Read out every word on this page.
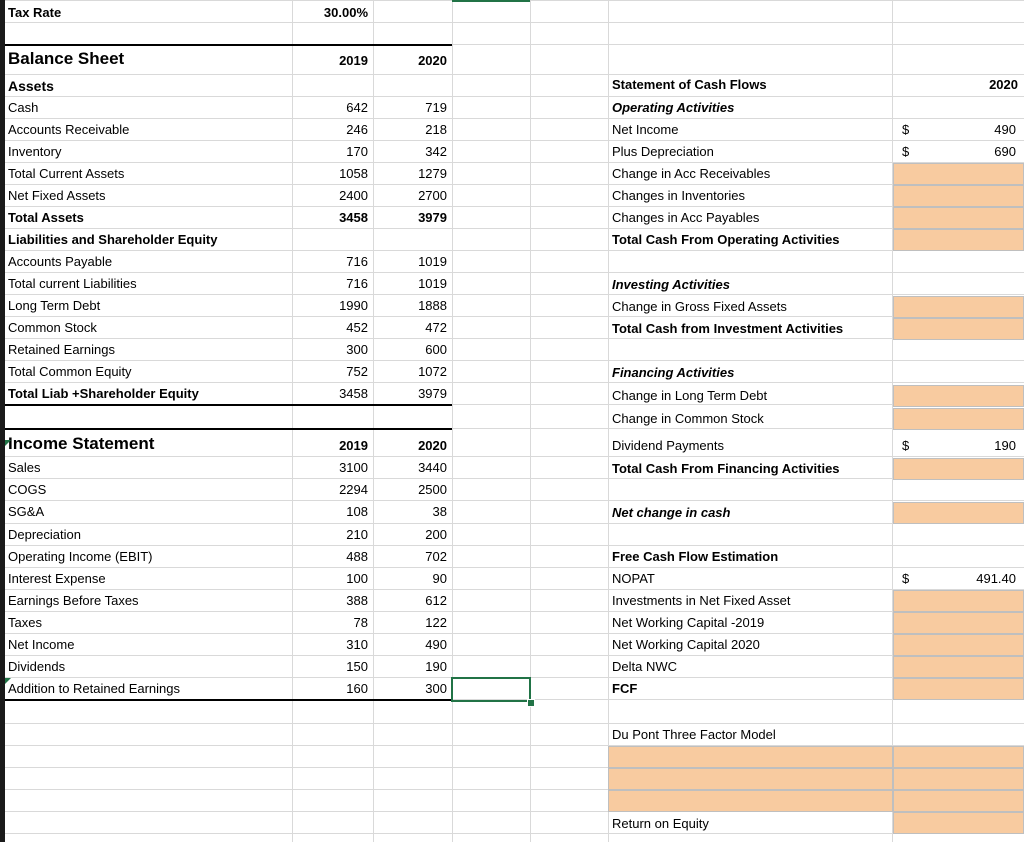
Tax Rate	30.00%
Balance Sheet	2019	2020
Assets
Cash	642	719
Accounts Receivable	246	218
Inventory	170	342
Total Current Assets	1058	1279
Net Fixed Assets	2400	2700
Total Assets	3458	3979
Liabilities and Shareholder Equity
Accounts Payable	716	1019
Total current Liabilities	716	1019
Long Term Debt	1990	1888
Common Stock	452	472
Retained Earnings	300	600
Total Common Equity	752	1072
Total Liab +Shareholder Equity	3458	3979
Income Statement	2019	2020
Sales	3100	3440
COGS	2294	2500
SG&A	108	38
Depreciation	210	200
Operating Income (EBIT)	488	702
Interest Expense	100	90
Earnings Before Taxes	388	612
Taxes	78	122
Net Income	310	490
Dividends	150	190
Addition to Retained Earnings	160	300
Statement of Cash Flows	2020
Operating Activities
Net Income	$	490
Plus Depreciation	$	690
Change in Acc Receivables
Changes in Inventories
Changes in Acc Payables
Total Cash From Operating Activities
Investing Activities
Change in Gross Fixed Assets
Total Cash from Investment Activities
Financing Activities
Change in Long Term Debt
Change in Common Stock
Dividend Payments	$	190
Total Cash From Financing Activities
Net change in cash
Free Cash Flow Estimation
NOPAT	$	491.40
Investments in Net Fixed Asset
Net Working Capital -2019
Net Working Capital 2020
Delta NWC
FCF
Du Pont Three Factor Model
Return on Equity
